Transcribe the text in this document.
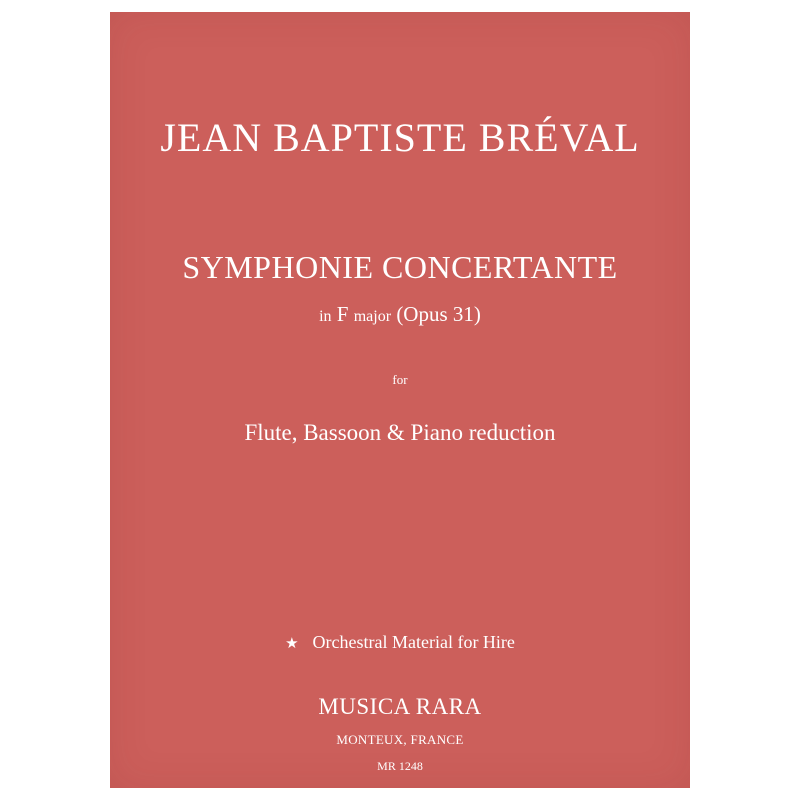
JEAN BAPTISTE BRÉVAL
SYMPHONIE CONCERTANTE
in F major (Opus 31)
for
Flute, Bassoon & Piano reduction
★ Orchestral Material for Hire
MUSICA RARA
MONTEUX, FRANCE
MR 1248
